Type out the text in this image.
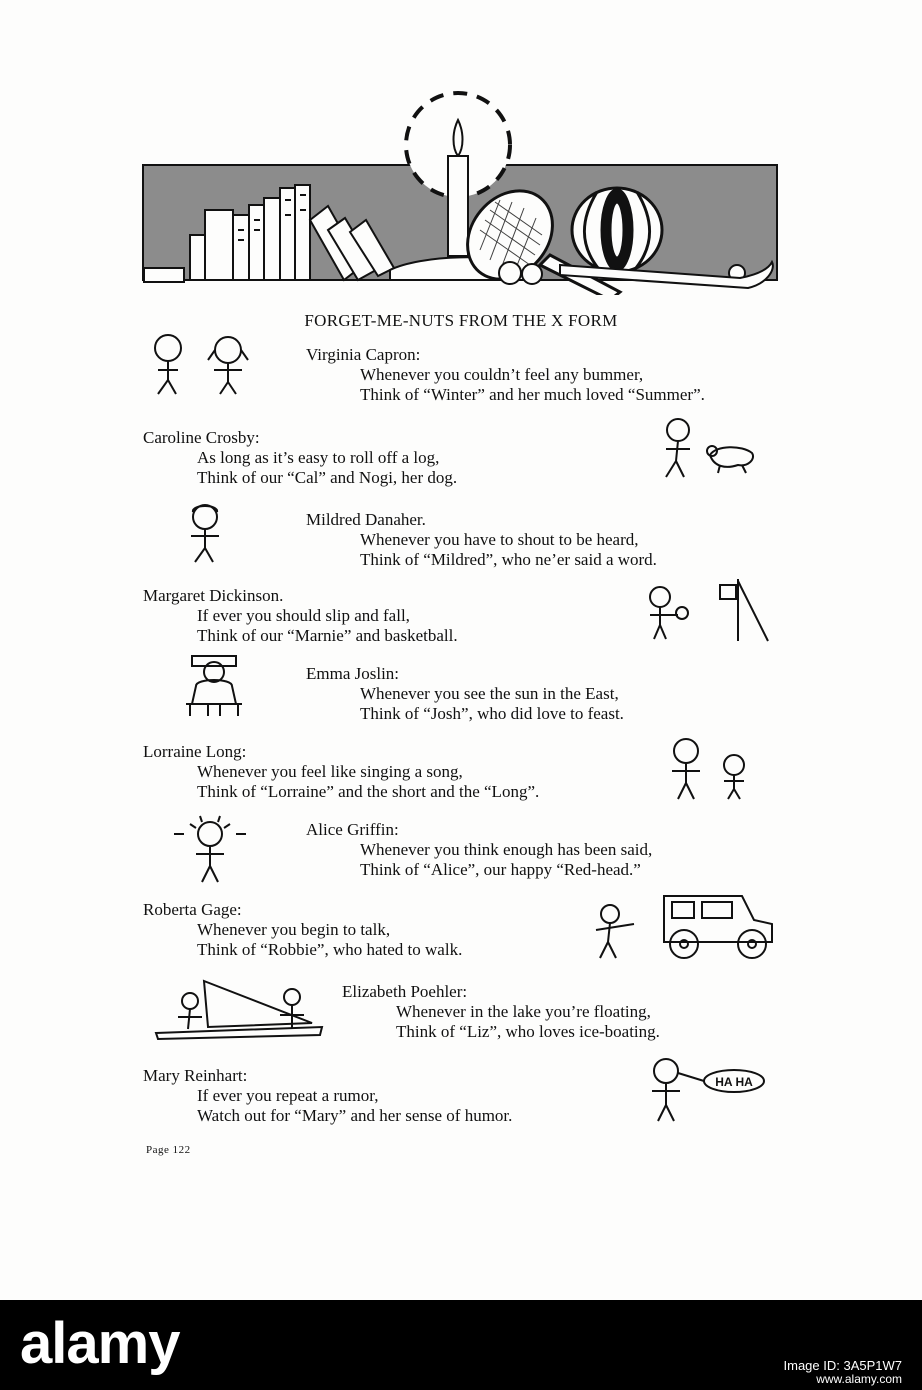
FORGET-ME-NUTS FROM THE X FORM
Virginia Capron:
Whenever you couldn’t feel any bummer,
Think of “Winter” and her much loved “Summer”.
Caroline Crosby:
As long as it’s easy to roll off a log,
Think of our “Cal” and Nogi, her dog.
Mildred Danaher.
Whenever you have to shout to be heard,
Think of “Mildred”, who ne’er said a word.
Margaret Dickinson.
If ever you should slip and fall,
Think of our “Marnie” and basketball.
Emma Joslin:
Whenever you see the sun in the East,
Think of “Josh”, who did love to feast.
Lorraine Long:
Whenever you feel like singing a song,
Think of “Lorraine” and the short and the “Long”.
Alice Griffin:
Whenever you think enough has been said,
Think of “Alice”, our happy “Red-head.”
Roberta Gage:
Whenever you begin to talk,
Think of “Robbie”, who hated to walk.
Elizabeth Poehler:
Whenever in the lake you’re floating,
Think of “Liz”, who loves ice-boating.
Mary Reinhart:
If ever you repeat a rumor,
Watch out for “Mary” and her sense of humor.
HA HA
Page 122
alamy	Image ID: 3A5P1W7
www.alamy.com
